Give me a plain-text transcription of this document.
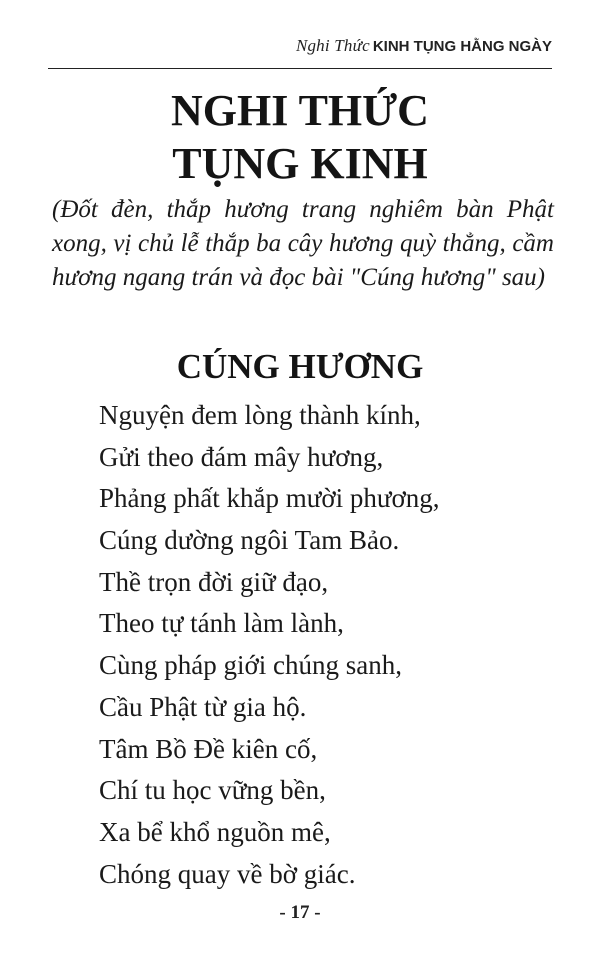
Nghi Thức KINH TỤNG HẰNG NGÀY
NGHI THỨC
TỤNG KINH

(Đốt đèn, thắp hương trang nghiêm bàn Phật xong, vị chủ lễ thắp ba cây hương quỳ thẳng, cầm hương ngang trán và đọc bài "Cúng hương" sau)

CÚNG HƯƠNG
Nguyện đem lòng thành kính,
Gửi theo đám mây hương,
Phảng phất khắp mười phương,
Cúng dường ngôi Tam Bảo.
Thề trọn đời giữ đạo,
Theo tự tánh làm lành,
Cùng pháp giới chúng sanh,
Cầu Phật từ gia hộ.
Tâm Bồ Đề kiên cố,
Chí tu học vững bền,
Xa bể khổ nguồn mê,
Chóng quay về bờ giác.
- 17 -
